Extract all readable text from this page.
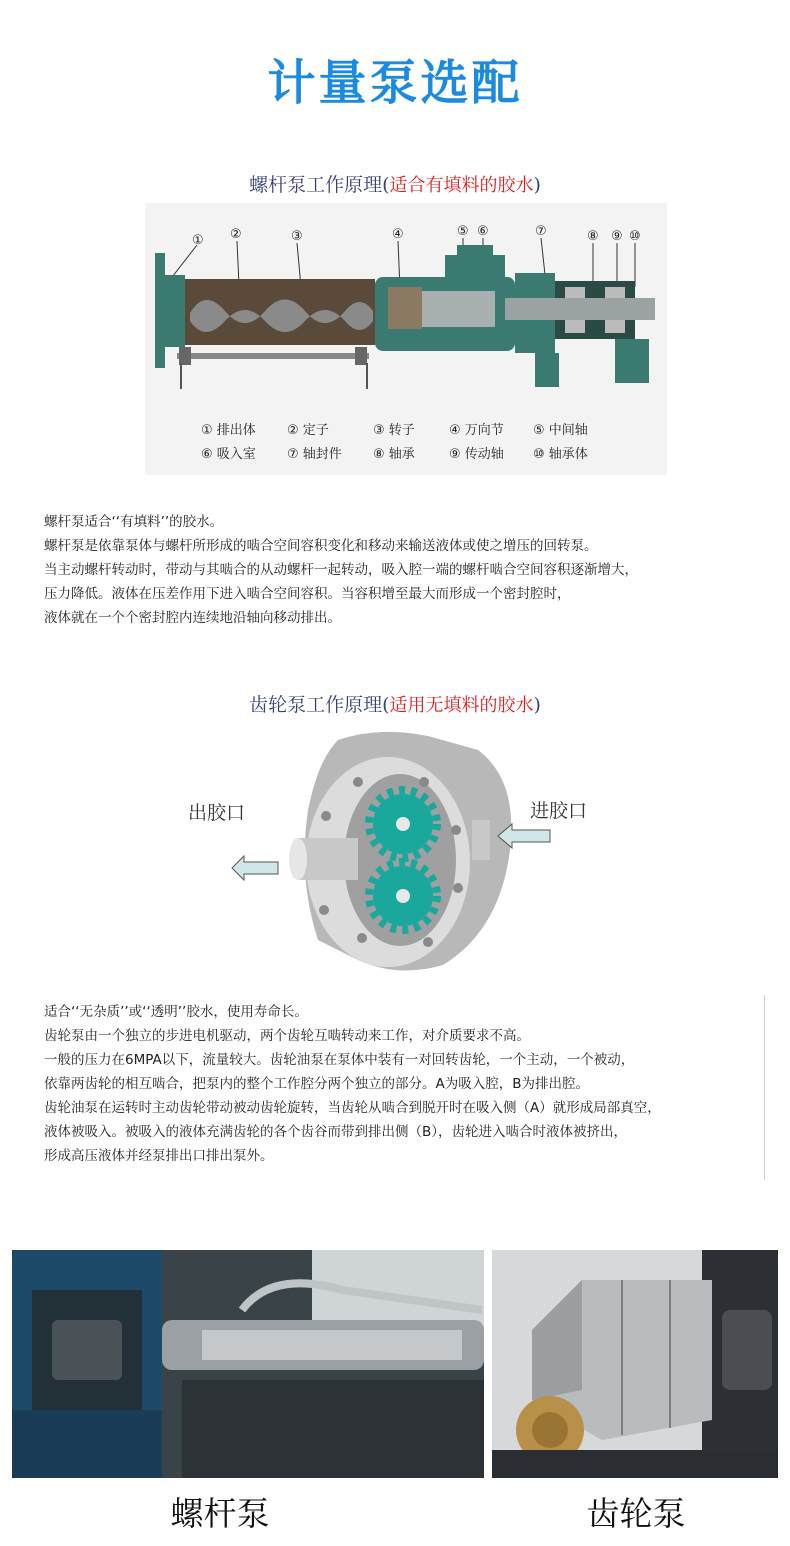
计量泵选配
螺杆泵工作原理(适合有填料的胶水)
① ②	③	④	⑤ ⑥	⑦	⑧ ⑨ ⑩
① 排出体 ② 定子	③ 转子	④ 万向节 ⑤ 中间轴
⑥ 吸入室 ⑦ 轴封件 ⑧ 轴承	⑨ 传动轴 ⑩ 轴承体
螺杆泵适合‘‘有填料’’的胶水。
螺杆泵是依靠泵体与螺杆所形成的啮合空间容积变化和移动来输送液体或使之增压的回转泵。
当主动螺杆转动时，带动与其啮合的从动螺杆一起转动，吸入腔一端的螺杆啮合空间容积逐渐增大，
压力降低。液体在压差作用下进入啮合空间容积。当容积增至最大而形成一个密封腔时，
液体就在一个个密封腔内连续地沿轴向移动排出。
齿轮泵工作原理(适用无填料的胶水)
出胶口	进胶口
适合‘‘无杂质’’或‘‘透明’’胶水，使用寿命长。
齿轮泵由一个独立的步进电机驱动，两个齿轮互啮转动来工作，对介质要求不高。
一般的压力在6MPA以下，流量较大。齿轮油泵在泵体中装有一对回转齿轮，一个主动，一个被动，
依靠两齿轮的相互啮合，把泵内的整个工作腔分两个独立的部分。A为吸入腔，B为排出腔。
齿轮油泵在运转时主动齿轮带动被动齿轮旋转，当齿轮从啮合到脱开时在吸入侧（A）就形成局部真空，
液体被吸入。被吸入的液体充满齿轮的各个齿谷而带到排出侧（B），齿轮进入啮合时液体被挤出，
形成高压液体并经泵排出口排出泵外。
螺杆泵	齿轮泵
